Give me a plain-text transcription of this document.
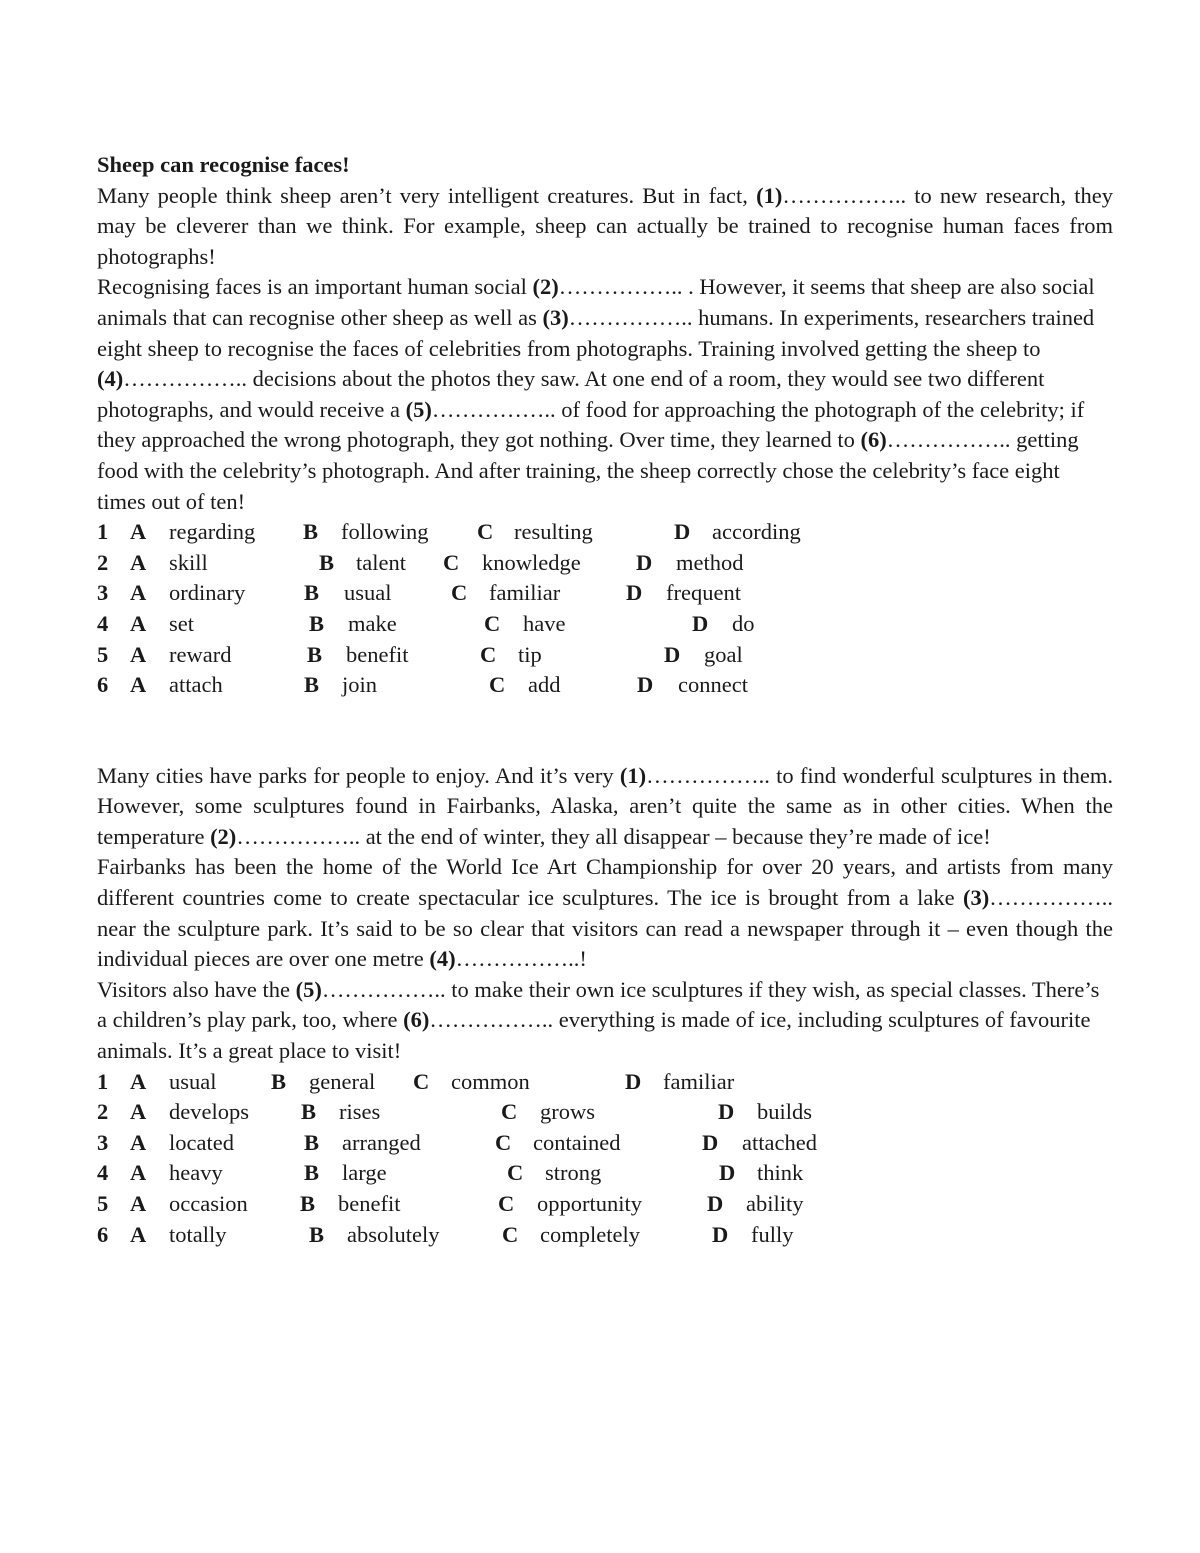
Sheep can recognise faces!

Many people think sheep aren’t very intelligent creatures. But in fact, (1)…………….. to new research, they may be cleverer than we think. For example, sheep can actually be trained to recognise human faces from photographs!

Recognising faces is an important human social (2)…………….. . However, it seems that sheep are also social animals that can recognise other sheep as well as (3)…………….. humans. In experiments, researchers trained eight sheep to recognise the faces of celebrities from photographs. Training involved getting the sheep to (4)…………….. decisions about the photos they saw. At one end of a room, they would see two different photographs, and would receive a (5)…………….. of food for approaching the photograph of the celebrity; if they approached the wrong photograph, they got nothing. Over time, they learned to (6)…………….. getting food with the celebrity’s photograph. And after training, the sheep correctly chose the celebrity’s face eight times out of ten!

1 A regarding B following C resulting	D according
2 A skill	B talent C knowledge D method
3 A ordinary	B usual	C familiar	D frequent
4 A set	B make	C have	D do
5 A reward	B benefit	C tip	D goal
6 A attach	B join	C add	D connect

Many cities have parks for people to enjoy. And it’s very (1)…………….. to find wonderful sculptures in them. However, some sculptures found in Fairbanks, Alaska, aren’t quite the same as in other cities. When the temperature (2)…………….. at the end of winter, they all disappear – because they’re made of ice!

Fairbanks has been the home of the World Ice Art Championship for over 20 years, and artists from many different countries come to create spectacular ice sculptures. The ice is brought from a lake (3)…………….. near the sculpture park. It’s said to be so clear that visitors can read a newspaper through it – even though the individual pieces are over one metre (4)……………..!

Visitors also have the (5)…………….. to make their own ice sculptures if they wish, as special classes. There’s a children’s play park, too, where (6)…………….. everything is made of ice, including sculptures of favourite animals. It’s a great place to visit!

1 A usual B general C common	D familiar
2 A develops B rises	C grows	D builds
3 A located	B arranged	C contained	D attached
4 A heavy	B large	C strong	D think
5 A occasion B benefit	C opportunity	D ability
6 A totally	B absolutely	C completely	D fully
